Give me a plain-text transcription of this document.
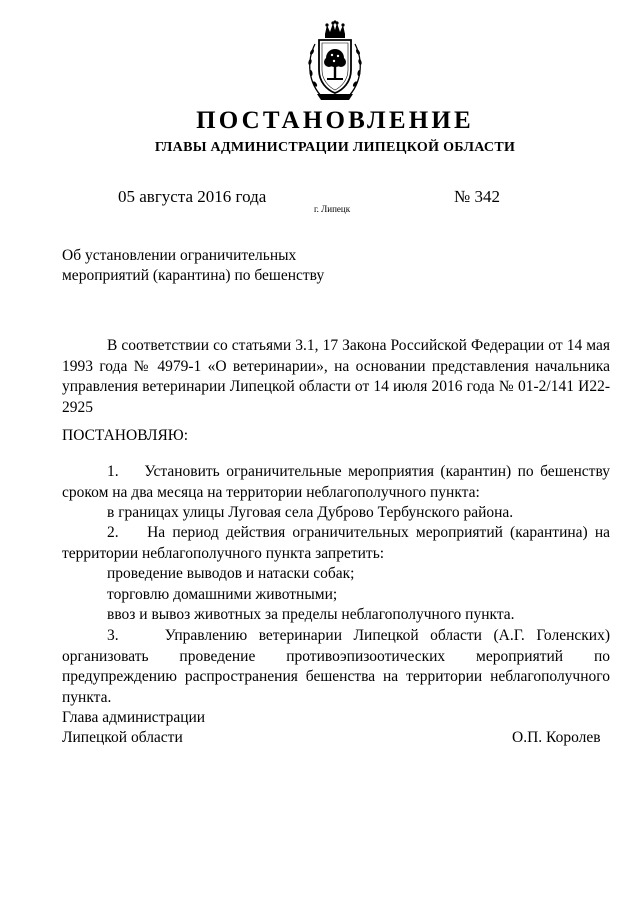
ПОСТАНОВЛЕНИЕ
ГЛАВЫ АДМИНИСТРАЦИИ ЛИПЕЦКОЙ ОБЛАСТИ
05 августа 2016 года
г. Липецк
№ 342
Об установлении ограничительных мероприятий (карантина) по бешенству
В соответствии со статьями 3.1, 17 Закона Российской Федерации от 14 мая 1993 года № 4979-1 «О ветеринарии», на основании представления начальника управления ветеринарии Липецкой области от 14 июля 2016 года № 01-2/141 И22-2925
ПОСТАНОВЛЯЮ:
1.    Установить ограничительные мероприятия (карантин) по бешенству сроком на два месяца на территории неблагополучного пункта:
в границах улицы Луговая села Дуброво Тербунского района.
2.    На период действия ограничительных мероприятий (карантина) на территории неблагополучного пункта запретить:
проведение выводов и натаски собак;
торговлю домашними животными;
ввоз и вывоз животных за пределы неблагополучного пункта.
3.    Управлению ветеринарии Липецкой области (А.Г. Голенских) организовать проведение противоэпизоотических мероприятий по предупреждению распространения бешенства на территории неблагополучного пункта.
Глава администрации
Липецкой области	О.П. Королев
